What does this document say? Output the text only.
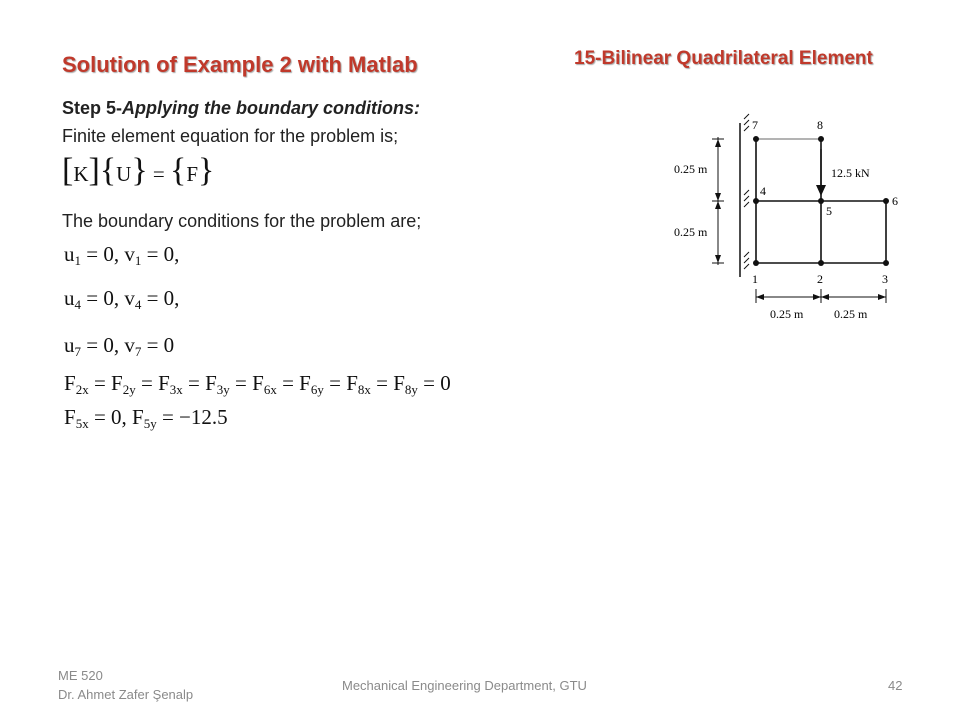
Solution of Example 2 with Matlab	15-Bilinear Quadrilateral Element
Step 5-Applying the boundary conditions:
Finite element equation for the problem is;
[K]{U} = {F}
The boundary conditions for the problem are;
$u_1 = 0$, $v_1 = 0$,
$u_4 = 0$, $v_4 = 0$,
$u_7 = 0$, $v_7 = 0$
$F_{2x} = F_{2y} = F_{3x} = F_{3y} = F_{6x} = F_{6y} = F_{8x} = F_{8y} = 0$
$F_{5x} = 0$, $F_{5y} = -12.5$
1	2	3
4
5
6
7	8
12.5 kN
0.25 m
0.25 m
0.25 m	0.25 m
ME 520
Dr. Ahmet Zafer Şenalp
Mechanical Engineering Department, GTU	42
